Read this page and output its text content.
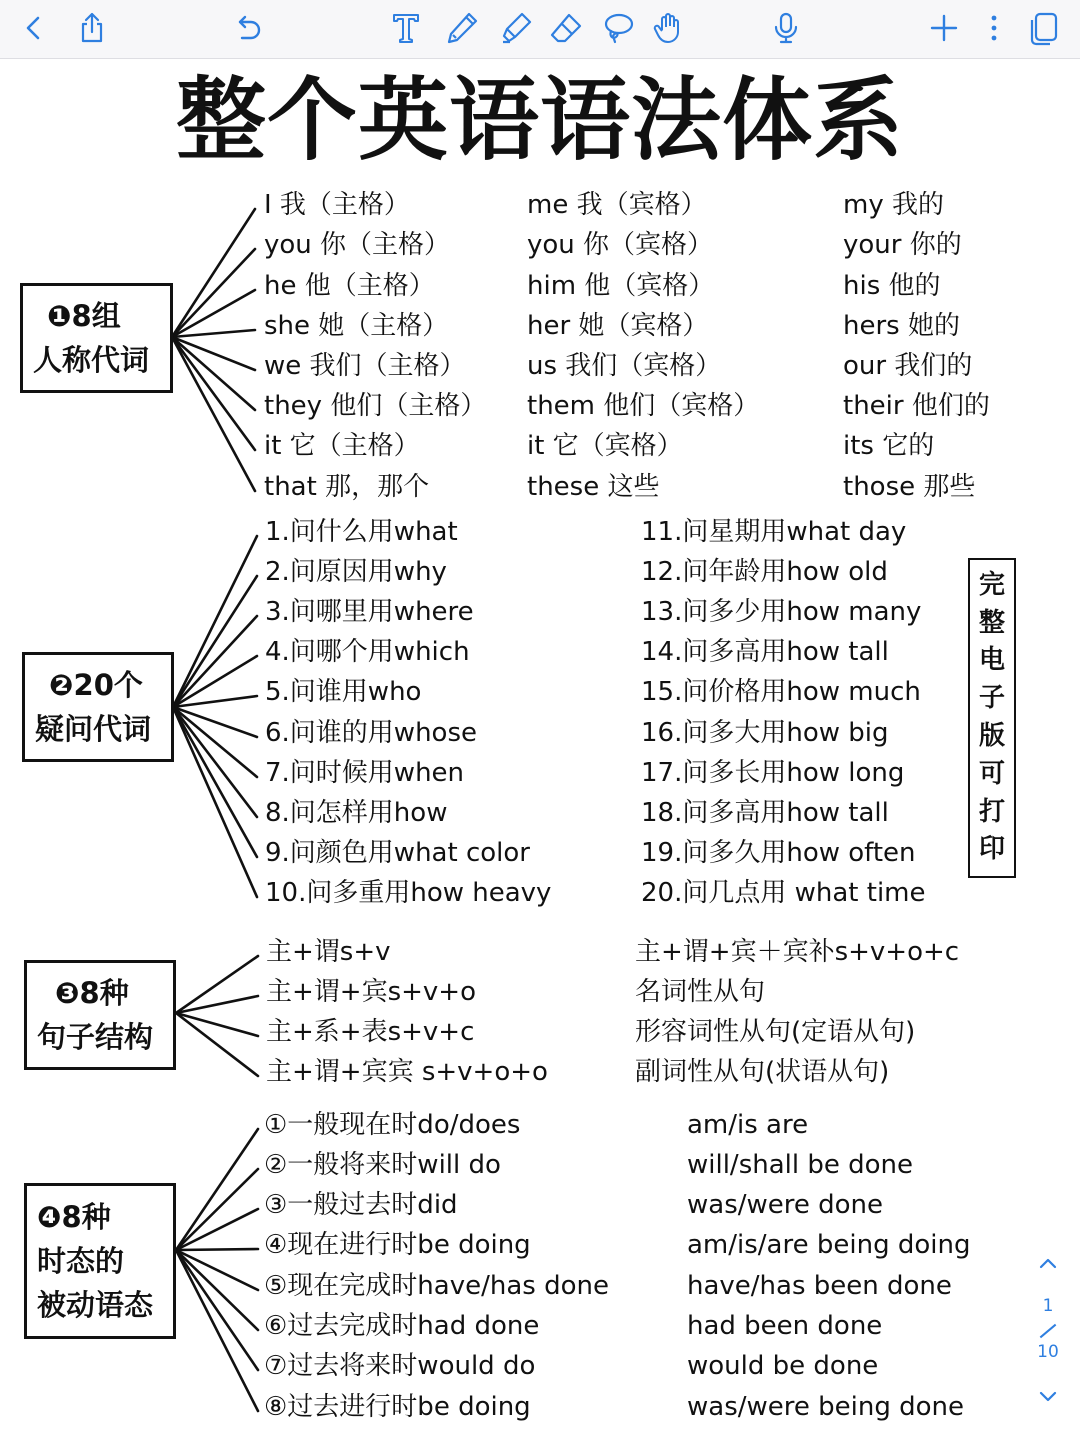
整个英语语法体系
❶8组
人称代词
I 我（主格）
you 你（主格）
he 他（主格）
she 她（主格）
we 我们（主格）
they 他们（主格）
it 它（主格）
that 那，那个
me 我（宾格）
you 你（宾格）
him 他（宾格）
her 她（宾格）
us 我们（宾格）
them 他们（宾格）
it 它（宾格）
these 这些
my 我的
your 你的
his 他的
hers 她的
our 我们的
their 他们的
its 它的
those 那些
❷20个
疑问代词
1.问什么用what
2.问原因用why
3.问哪里用where
4.问哪个用which
5.问谁用who
6.问谁的用whose
7.问时候用when
8.问怎样用how
9.问颜色用what color
10.问多重用how heavy
11.问星期用what day
12.问年龄用how old
13.问多少用how many
14.问多高用how tall
15.问价格用how much
16.问多大用how big
17.问多长用how long
18.问多高用how tall
19.问多久用how often
20.问几点用 what time
完
整
电
子
版
可
打
印
❸8种
句子结构
主+谓s+v
主+谓+宾s+v+o
主+系+表s+v+c
主+谓+宾宾 s+v+o+o
主+谓+宾＋宾补s+v+o+c
名词性从句
形容词性从句(定语从句)
副词性从句(状语从句)
❹8种
时态的
被动语态
①一般现在时do/does
②一般将来时will do
③一般过去时did
④现在进行时be doing
⑤现在完成时have/has done
⑥过去完成时had done
⑦过去将来时would do
⑧过去进行时be doing
am/is are
will/shall be done
was/were done
am/is/are being doing
have/has been done
had been done
would be done
was/were being done
1
10
